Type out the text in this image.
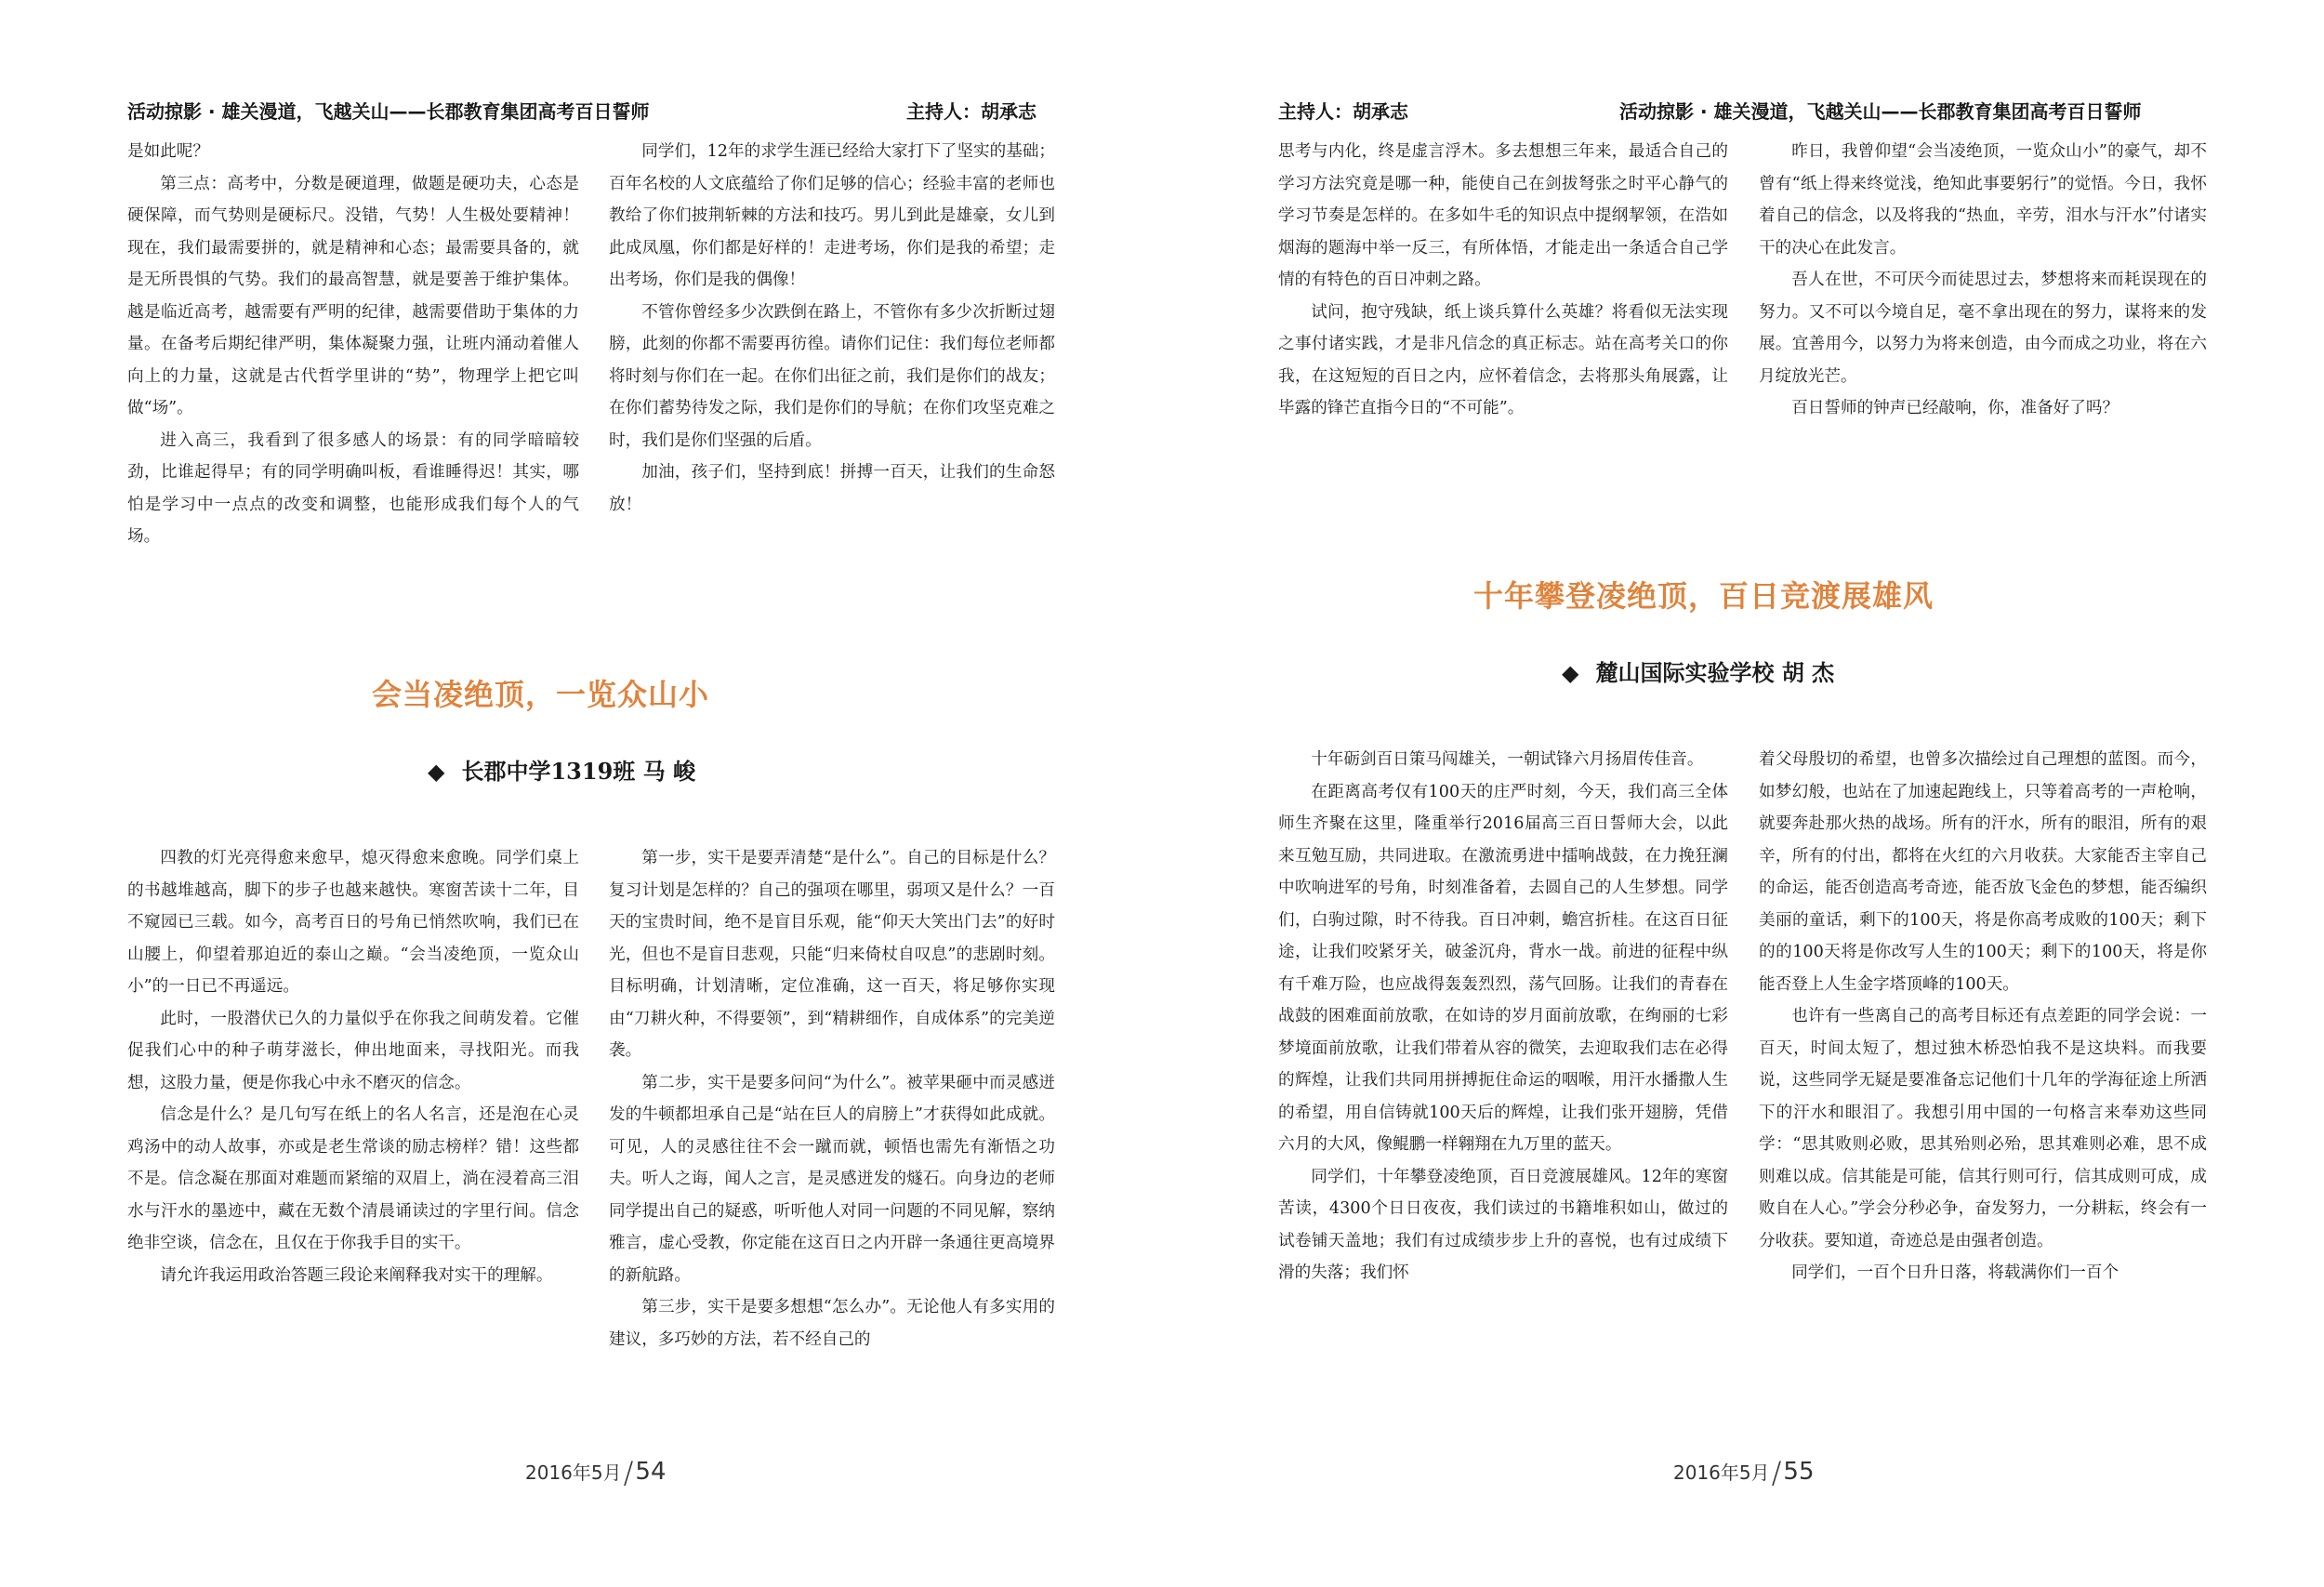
活动掠影 · 雄关漫道，飞越关山——长郡教育集团高考百日誓师	主持人：胡承志

是如此呢？

第三点：高考中，分数是硬道理，做题是硬功夫，心态是硬保障，而气势则是硬标尺。没错，气势！人生极处要精神！现在，我们最需要拼的，就是精神和心态；最需要具备的，就是无所畏惧的气势。我们的最高智慧，就是要善于维护集体。越是临近高考，越需要有严明的纪律，越需要借助于集体的力量。在备考后期纪律严明，集体凝聚力强，让班内涌动着催人向上的力量，这就是古代哲学里讲的“势”，物理学上把它叫做“场”。

进入高三，我看到了很多感人的场景：有的同学暗暗较劲，比谁起得早；有的同学明确叫板，看谁睡得迟！其实，哪怕是学习中一点点的改变和调整，也能形成我们每个人的气场。

同学们，12年的求学生涯已经给大家打下了坚实的基础；百年名校的人文底蕴给了你们足够的信心；经验丰富的老师也教给了你们披荆斩棘的方法和技巧。男儿到此是雄豪，女儿到此成凤凰，你们都是好样的！走进考场，你们是我的希望；走出考场，你们是我的偶像！

不管你曾经多少次跌倒在路上，不管你有多少次折断过翅膀，此刻的你都不需要再彷徨。请你们记住：我们每位老师都将时刻与你们在一起。在你们出征之前，我们是你们的战友；在你们蓄势待发之际，我们是你们的导航；在你们攻坚克难之时，我们是你们坚强的后盾。

加油，孩子们，坚持到底！拼搏一百天，让我们的生命怒放！

会当凌绝顶，一览众山小
◆ 长郡中学1319班 马 峻

四教的灯光亮得愈来愈早，熄灭得愈来愈晚。同学们桌上的书越堆越高，脚下的步子也越来越快。寒窗苦读十二年，目不窥园已三载。如今，高考百日的号角已悄然吹响，我们已在山腰上，仰望着那迫近的泰山之巅。“会当凌绝顶，一览众山小”的一日已不再遥远。

此时，一股潜伏已久的力量似乎在你我之间萌发着。它催促我们心中的种子萌芽滋长，伸出地面来，寻找阳光。而我想，这股力量，便是你我心中永不磨灭的信念。

信念是什么？是几句写在纸上的名人名言，还是泡在心灵鸡汤中的动人故事，亦或是老生常谈的励志榜样？错！这些都不是。信念凝在那面对难题而紧缩的双眉上，淌在浸着高三泪水与汗水的墨迹中，藏在无数个清晨诵读过的字里行间。信念绝非空谈，信念在，且仅在于你我手目的实干。

请允许我运用政治答题三段论来阐释我对实干的理解。

第一步，实干是要弄清楚“是什么”。自己的目标是什么？复习计划是怎样的？自己的强项在哪里，弱项又是什么？一百天的宝贵时间，绝不是盲目乐观，能“仰天大笑出门去”的好时光，但也不是盲目悲观，只能“归来倚杖自叹息”的悲剧时刻。目标明确，计划清晰，定位准确，这一百天，将足够你实现由“刀耕火种，不得要领”，到“精耕细作，自成体系”的完美逆袭。

第二步，实干是要多问问“为什么”。被苹果砸中而灵感迸发的牛顿都坦承自己是“站在巨人的肩膀上”才获得如此成就。可见，人的灵感往往不会一蹴而就，顿悟也需先有渐悟之功夫。听人之诲，闻人之言，是灵感迸发的燧石。向身边的老师同学提出自己的疑惑，听听他人对同一问题的不同见解，察纳雅言，虚心受教，你定能在这百日之内开辟一条通往更高境界的新航路。

第三步，实干是要多想想“怎么办”。无论他人有多实用的建议，多巧妙的方法，若不经自己的

2016年5月/54
主持人：胡承志	活动掠影 · 雄关漫道，飞越关山——长郡教育集团高考百日誓师

思考与内化，终是虚言浮木。多去想想三年来，最适合自己的学习方法究竟是哪一种，能使自己在剑拔弩张之时平心静气的学习节奏是怎样的。在多如牛毛的知识点中提纲挈领，在浩如烟海的题海中举一反三，有所体悟，才能走出一条适合自己学情的有特色的百日冲刺之路。

试问，抱守残缺，纸上谈兵算什么英雄？将看似无法实现之事付诸实践，才是非凡信念的真正标志。站在高考关口的你我，在这短短的百日之内，应怀着信念，去将那头角展露，让毕露的锋芒直指今日的“不可能”。

昨日，我曾仰望“会当凌绝顶，一览众山小”的豪气，却不曾有“纸上得来终觉浅，绝知此事要躬行”的觉悟。今日，我怀着自己的信念，以及将我的“热血，辛劳，泪水与汗水”付诸实干的决心在此发言。

吾人在世，不可厌今而徒思过去，梦想将来而耗误现在的努力。又不可以今境自足，毫不拿出现在的努力，谋将来的发展。宜善用今，以努力为将来创造，由今而成之功业，将在六月绽放光芒。

百日誓师的钟声已经敲响，你，准备好了吗？

十年攀登凌绝顶，百日竞渡展雄风
◆ 麓山国际实验学校 胡 杰

十年砺剑百日策马闯雄关，一朝试锋六月扬眉传佳音。

在距离高考仅有100天的庄严时刻，今天，我们高三全体师生齐聚在这里，隆重举行2016届高三百日誓师大会，以此来互勉互励，共同进取。在激流勇进中擂响战鼓，在力挽狂澜中吹响进军的号角，时刻准备着，去圆自己的人生梦想。同学们，白驹过隙，时不待我。百日冲刺，蟾宫折桂。在这百日征途，让我们咬紧牙关，破釜沉舟，背水一战。前进的征程中纵有千难万险，也应战得轰轰烈烈，荡气回肠。让我们的青春在战鼓的困难面前放歌，在如诗的岁月面前放歌，在绚丽的七彩梦境面前放歌，让我们带着从容的微笑，去迎取我们志在必得的辉煌，让我们共同用拼搏扼住命运的咽喉，用汗水播撒人生的希望，用自信铸就100天后的辉煌，让我们张开翅膀，凭借六月的大风，像鲲鹏一样翱翔在九万里的蓝天。

同学们，十年攀登凌绝顶，百日竞渡展雄风。12年的寒窗苦读，4300个日日夜夜，我们读过的书籍堆积如山，做过的试卷铺天盖地；我们有过成绩步步上升的喜悦，也有过成绩下滑的失落；我们怀

着父母殷切的希望，也曾多次描绘过自己理想的蓝图。而今，如梦幻般，也站在了加速起跑线上，只等着高考的一声枪响，就要奔赴那火热的战场。所有的汗水，所有的眼泪，所有的艰辛，所有的付出，都将在火红的六月收获。大家能否主宰自己的命运，能否创造高考奇迹，能否放飞金色的梦想，能否编织美丽的童话，剩下的100天，将是你高考成败的100天；剩下的的100天将是你改写人生的100天；剩下的100天，将是你能否登上人生金字塔顶峰的100天。

也许有一些离自己的高考目标还有点差距的同学会说：一百天，时间太短了，想过独木桥恐怕我不是这块料。而我要说，这些同学无疑是要准备忘记他们十几年的学海征途上所洒下的汗水和眼泪了。我想引用中国的一句格言来奉劝这些同学：“思其败则必败，思其殆则必殆，思其难则必难，思不成则难以成。信其能是可能，信其行则可行，信其成则可成，成败自在人心。”学会分秒必争，奋发努力，一分耕耘，终会有一分收获。要知道，奇迹总是由强者创造。

同学们，一百个日升日落，将载满你们一百个

2016年5月/55
